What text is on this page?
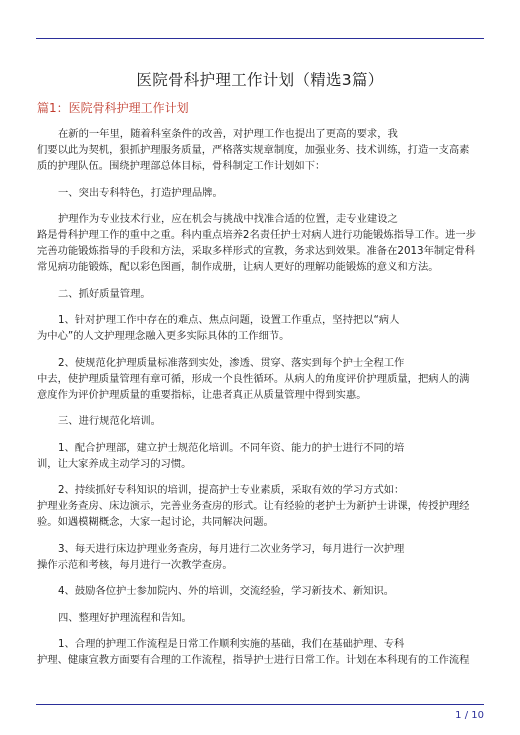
医院骨科护理工作计划（精选3篇）
篇1：医院骨科护理工作计划
在新的一年里，随着科室条件的改善，对护理工作也提出了更高的要求，我
们要以此为契机，狠抓护理服务质量，严格落实规章制度，加强业务、技术训练，打造一支高素
质的护理队伍。围绕护理部总体目标，骨科制定工作计划如下：
一、突出专科特色，打造护理品牌。
护理作为专业技术行业，应在机会与挑战中找准合适的位置，走专业建设之
路是骨科护理工作的重中之重。科内重点培养2名责任护士对病人进行功能锻炼指导工作。进一步
完善功能锻炼指导的手段和方法，采取多样形式的宣教，务求达到效果。准备在2013年制定骨科
常见病功能锻炼，配以彩色图画，制作成册，让病人更好的理解功能锻炼的意义和方法。
二、抓好质量管理。
1、针对护理工作中存在的难点、焦点问题，设置工作重点，坚持把以“病人
为中心”的人文护理理念融入更多实际具体的工作细节。
2、使规范化护理质量标准落到实处，渗透、贯穿、落实到每个护士全程工作
中去，使护理质量管理有章可循，形成一个良性循环。从病人的角度评价护理质量，把病人的满
意度作为评价护理质量的重要指标，让患者真正从质量管理中得到实惠。
三、进行规范化培训。
1、配合护理部，建立护士规范化培训。不同年资、能力的护士进行不同的培
训，让大家养成主动学习的习惯。
2、持续抓好专科知识的培训，提高护士专业素质，采取有效的学习方式如：
护理业务查房、床边演示，完善业务查房的形式。让有经验的老护士为新护士讲课，传授护理经
验。如遇模糊概念，大家一起讨论，共同解决问题。
3、每天进行床边护理业务查房，每月进行二次业务学习，每月进行一次护理
操作示范和考核，每月进行一次教学查房。
4、鼓励各位护士参加院内、外的培训，交流经验，学习新技术、新知识。
四、整理好护理流程和告知。
1、合理的护理工作流程是日常工作顺利实施的基础，我们在基础护理、专科
护理、健康宣教方面要有合理的工作流程，指导护士进行日常工作。计划在本科现有的工作流程
1 / 10
